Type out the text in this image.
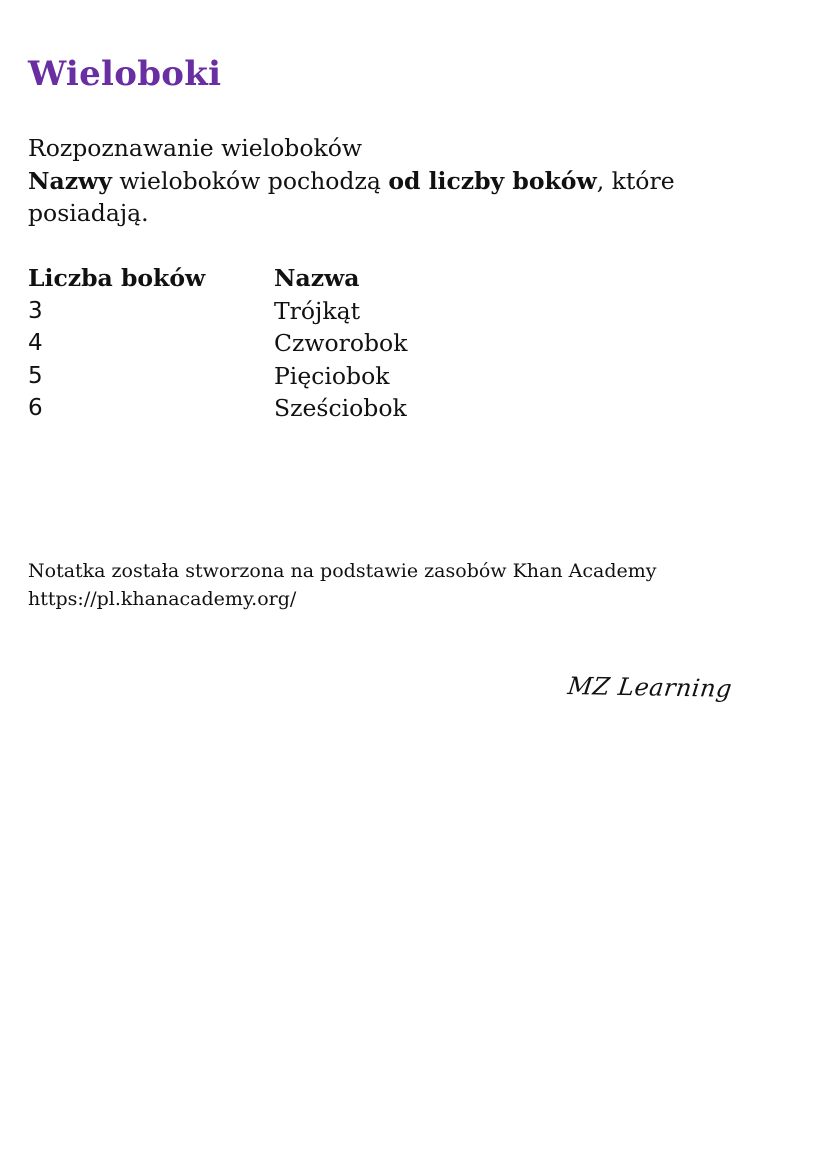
Wieloboki

Rozpoznawanie wieloboków

Nazwy wieloboków pochodzą od liczby boków, które posiadają.

Liczba boków	Nazwa
3	Trójkąt
4	Czworobok
5	Pięciobok
6	Sześciobok

Notatka została stworzona na podstawie zasobów Khan Academy
https://pl.khanacademy.org/

MZ Learning
